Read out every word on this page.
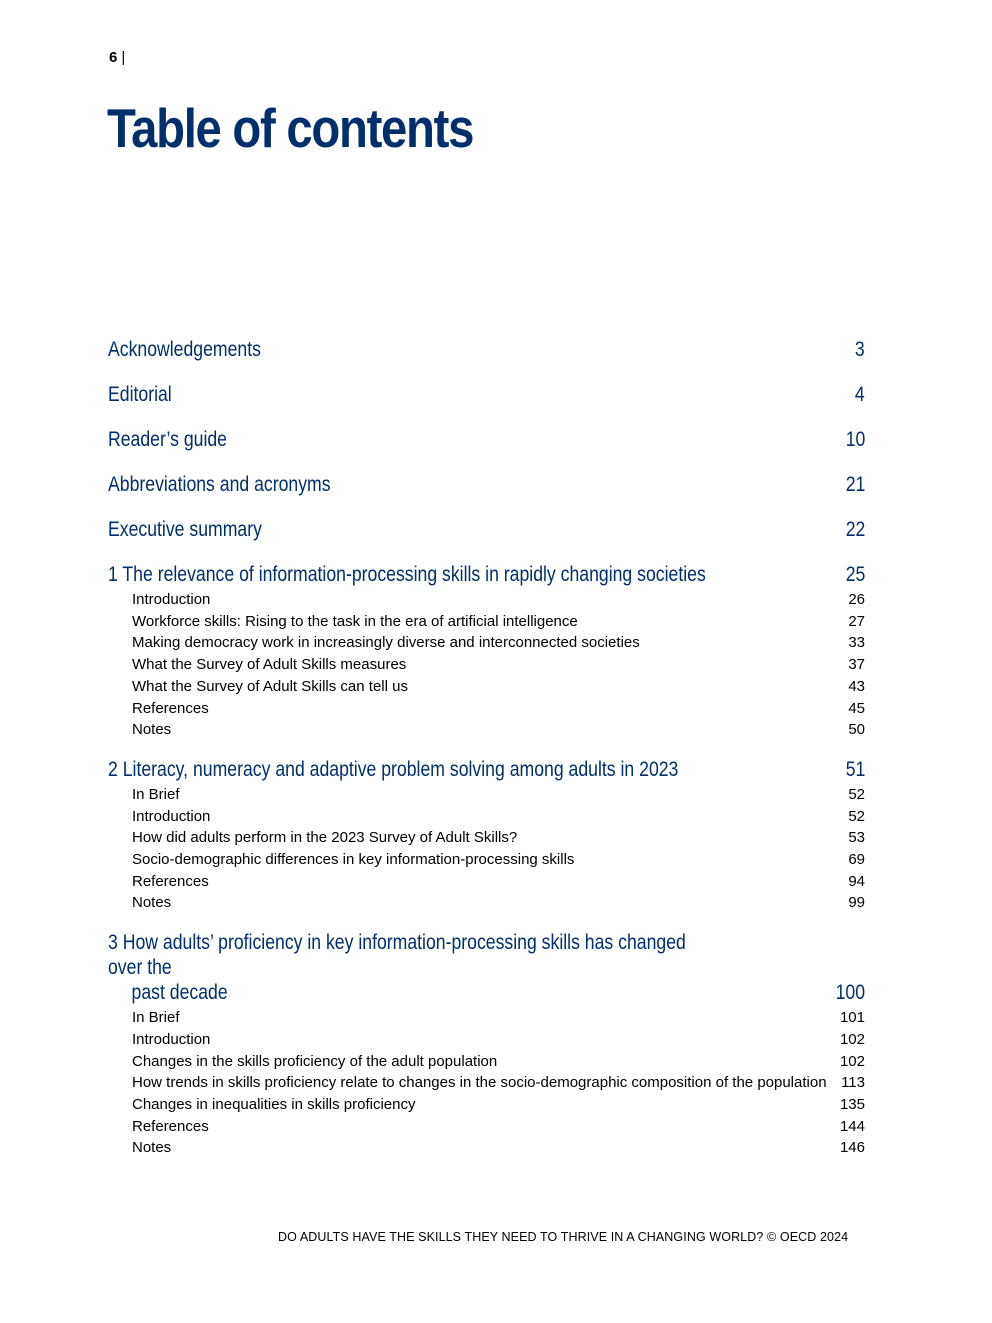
6 |
Table of contents
Acknowledgements	3
Editorial	4
Reader’s guide	10
Abbreviations and acronyms	21
Executive summary	22
1 The relevance of information-processing skills in rapidly changing societies	25
Introduction	26
Workforce skills: Rising to the task in the era of artificial intelligence	27
Making democracy work in increasingly diverse and interconnected societies	33
What the Survey of Adult Skills measures	37
What the Survey of Adult Skills can tell us	43
References	45
Notes	50
2 Literacy, numeracy and adaptive problem solving among adults in 2023	51
In Brief	52
Introduction	52
How did adults perform in the 2023 Survey of Adult Skills?	53
Socio-demographic differences in key information-processing skills	69
References	94
Notes	99
3 How adults’ proficiency in key information-processing skills has changed over the
past decade	100
In Brief	101
Introduction	102
Changes in the skills proficiency of the adult population	102
How trends in skills proficiency relate to changes in the socio-demographic composition of the population 113
Changes in inequalities in skills proficiency	135
References	144
Notes	146
DO ADULTS HAVE THE SKILLS THEY NEED TO THRIVE IN A CHANGING WORLD? © OECD 2024
